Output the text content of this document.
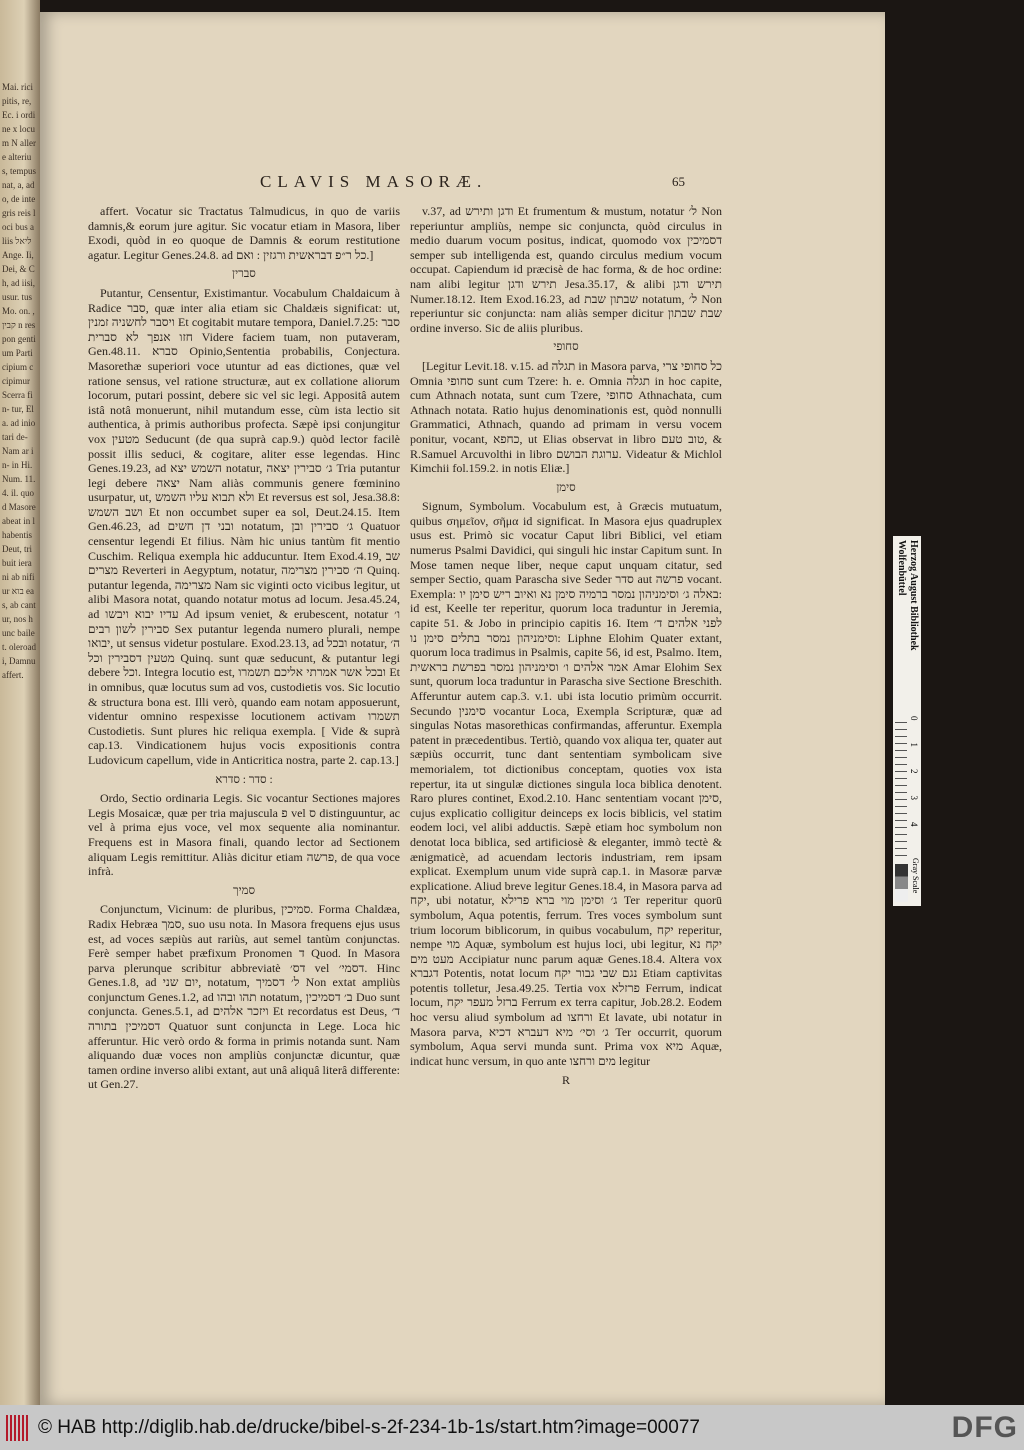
Mai. ricipitis, re, Ec. i ordine x locum N allere alterius, tempus nat, a, ad o, de integris reis loci bus aliis ליאל Ange. Ii, Dei, & Ch, ad iisi, usur. tus Mo. on. ,קבין n respon gentium Participium ccipimur Scerra fin- tur, Ela. ad iniotari de- Nam ar in- in Hi. Num. 11.4. il. quod Masore abeat in l habentis Deut, tribuit ierani ab nifi ur בוא eas, ab cantur, nos hunc bailet. oleroad i, Damnu affert.
CLAVIS MASORÆ.	65

affert. Vocatur sic Tractatus Talmudicus, in quo de variis damnis,& eorum jure agitur. Sic vocatur etiam in Masora, liber Exodi, quòd in eo quoque de Damnis & eorum restitutione agatur. Legitur Genes.24.8. ad כל ר״פ דבראשית ורגזין : ואם.]

סברין

Putantur, Censentur, Existimantur. Vocabulum Chaldaicum à Radice סבר, quæ inter alia etiam sic Chaldæis significat: ut, ויסבר לחשניה זמנין Et cogitabit mutare tempora, Daniel.7.25: סבר חזו אנפך לא סברית Videre faciem tuam, non putaveram, Gen.48.11. סברא Opinio,Sententia probabilis, Conjectura. Masorethæ superiori voce utuntur ad eas dictiones, quæ vel ratione sensus, vel ratione structuræ, aut ex collatione aliorum locorum, putari possint, debere sic vel sic legi. Appositâ autem istâ notâ monuerunt, nihil mutandum esse, cùm ista lectio sit authentica, à primis authoribus profecta. Sæpè ipsi conjungitur vox מטעין Seducunt (de qua suprà cap.9.) quòd lector facilè possit illis seduci, & cogitare, aliter esse legendas. Hinc Genes.19.23, ad השמש יצא notatur, ג׳ סבירין יצאה Tria putantur legi debere יצאה Nam aliàs communis genere fœminino usurpatur, ut, ולא תבוא עליו השמש Et reversus est sol, Jesa.38.8: ושב השמש Et non occumbet super ea sol, Deut.24.15. Item Gen.46.23, ad ובני דן חשים notatum, ג׳ סבירין ובן Quatuor censentur legendi Et filius. Nàm hic unius tantùm fit mentio Cuschim. Reliqua exempla hic adducuntur. Item Exod.4.19, שב מצרים Reverteri in Aegyptum, notatur, ה׳ סבירין מצרימה Quinq. putantur legenda, מצרימה Nam sic viginti octo vicibus legitur, ut alibi Masora notat, quando notatur motus ad locum. Jesa.45.24, ad עדיו יבוא ויבשו Ad ipsum veniet, & erubescent, notatur ו׳ סבירין לשון רבים Sex putantur legenda numero plurali, nempe יבואו, ut sensus videtur postulare. Exod.23.13, ad ובכל notatur, ה׳ מטעין דסבירין וכל Quinq. sunt quæ seducunt, & putantur legi debere וכל. Integra locutio est, ובכל אשר אמרתי אליכם תשמרו Et in omnibus, quæ locutus sum ad vos, custodietis vos. Sic locutio & structura bona est. Illi verò, quando eam notam apposuerunt, videntur omnino respexisse locutionem activam תשמרו Custodietis. Sunt plures hic reliqua exempla. [ Vide & suprà cap.13. Vindicationem hujus vocis expositionis contra Ludovicum capellum, vide in Anticritica nostra, parte 2. cap.13.]

סדר : סדרא :

Ordo, Sectio ordinaria Legis. Sic vocantur Sectiones majores Legis Mosaicæ, quæ per tria majuscula פ vel ס distinguuntur, ac vel à prima ejus voce, vel mox sequente alia nominantur. Frequens est in Masora finali, quando lector ad Sectionem aliquam Legis remittitur. Aliàs dicitur etiam פרשה, de qua voce infrà.

סמיך

Conjunctum, Vicinum: de pluribus, סמיכין. Forma Chaldæa, Radix Hebræa סמך, suo usu nota. In Masora frequens ejus usus est, ad voces sæpiùs aut rariùs, aut semel tantùm conjunctas. Ferè semper habet præfixum Pronomen ד Quod. In Masora parva plerunque scribitur abbreviatè דס׳ vel דסמי׳. Hinc Genes.1.8, ad יום שני, notatum, ל׳ דסמיך Non extat ampliùs conjunctum Genes.1.2, ad תהו ובהו notatum, ב׳ דסמיכין Duo sunt conjuncta. Genes.5.1, ad ויזכר אלהים Et recordatus est Deus, ד׳ דסמיכין בתורה Quatuor sunt conjuncta in Lege. Loca hic afferuntur. Hic verò ordo & forma in primis notanda sunt. Nam aliquando duæ voces non ampliùs conjunctæ dicuntur, quæ tamen ordine inverso alibi extant, aut unâ aliquâ literâ differente: ut Gen.27.

v.37, ad ודגן ותירש Et frumentum & mustum, notatur ל׳ Non reperiuntur ampliùs, nempe sic conjuncta, quòd circulus in medio duarum vocum positus, indicat, quomodo vox דסמיכין semper sub intelligenda est, quando circulus medium vocum occupat. Capiendum id præcisè de hac forma, & de hoc ordine: nam alibi legitur תירש ודגן Jesa.35.17, & alibi תירש ודגן Numer.18.12. Item Exod.16.23, ad שבתון שבת notatum, ל׳ Non reperiuntur sic conjuncta: nam aliàs semper dicitur שבת שבתון ordine inverso. Sic de aliis pluribus.

סחופי

[Legitur Levit.18. v.15. ad תגלה in Masora parva, כל סחופי צרי Omnia סחופי sunt cum Tzere: h. e. Omnia תגלה in hoc capite, cum Athnach notata, sunt cum Tzere, סחופי Athnachata, cum Athnach notata. Ratio hujus denominationis est, quòd nonnulli Grammatici, Athnach, quando ad primam in versu vocem ponitur, vocant, כחפא, ut Elias observat in libro טוב טעם, & R.Samuel Arcuvolthi in libro ערוגת הבושם. Videatur & Michlol Kimchii fol.159.2. in notis Eliæ.]

סימן

Signum, Symbolum. Vocabulum est, à Græcis mutuatum, quibus σημεῖον, σῆμα id significat. In Masora ejus quadruplex usus est. Primò sic vocatur Caput libri Biblici, vel etiam numerus Psalmi Davidici, qui singuli hic instar Capitum sunt. In Mose tamen neque liber, neque caput unquam citatur, sed semper Sectio, quam Parascha sive Seder סדר aut פרשה vocant. Exempla: באלה ג׳ וסימניהון נמסר ברמיה סימן נא ואיוב ריש סימן יו: id est, Keelle ter reperitur, quorum loca traduntur in Jeremia, capite 51. & Jobo in principio capitis 16. Item לפני אלהים ד׳ וסימניהון נמסר בתלים סימן נו: Liphne Elohim Quater extant, quorum loca tradimus in Psalmis, capite 56, id est, Psalmo. Item, אמר אלהים ו׳ וסימניהון נמסר בפרשת בראשית Amar Elohim Sex sunt, quorum loca traduntur in Parascha sive Sectione Breschith. Afferuntur autem cap.3. v.1. ubi ista locutio primùm occurrit. Secundo סימנין vocantur Loca, Exempla Scripturæ, quæ ad singulas Notas masorethicas confirmandas, afferuntur. Exempla patent in præcedentibus. Tertiò, quando vox aliqua ter, quater aut sæpiùs occurrit, tunc dant sententiam symbolicam sive memorialem, tot dictionibus conceptam, quoties vox ista repertur, ita ut singulæ dictiones singula loca biblica denotent. Raro plures continet, Exod.2.10. Hanc sententiam vocant סימן, cujus explicatio colligitur deinceps ex locis biblicis, vel statim eodem loci, vel alibi adductis. Sæpè etiam hoc symbolum non denotat loca biblica, sed artificiosè & eleganter, immò tectè & ænigmaticè, ad acuendam lectoris industriam, rem ipsam explicat. Exemplum unum vide suprà cap.1. in Masoræ parvæ explicatione. Aliud breve legitur Genes.18.4, in Masora parva ad יקח, ubi notatur, ג׳ וסימן מוי ברא פרילא Ter reperitur quorū symbolum, Aqua potentis, ferrum. Tres voces symbolum sunt trium locorum biblicorum, in quibus vocabulum, יקח reperitur, nempe מוי Aquæ, symbolum est hujus loci, ubi legitur, יקח נא מעט מים Accipiatur nunc parum aquæ Genes.18.4. Altera vox דגברא Potentis, notat locum נגם שבי גבור יקח Etiam captivitas potentis tolletur, Jesa.49.25. Tertia vox פרזלא Ferrum, indicat locum, ברזל מעפר יקח Ferrum ex terra capitur, Job.28.2. Eodem hoc versu aliud symbolum ad ורחצו Et lavate, ubi notatur in Masora parva, ג׳ וסי׳ מיא דעברא דכיא Ter occurrit, quorum symbolum, Aqua servi munda sunt. Prima vox מיא Aquæ, indicat hunc versum, in quo ante מים ורחצו legitur

R
Herzog August Bibliothek
Wolfenbüttel
01234
Gray Scale
© HAB http://diglib.hab.de/drucke/bibel-s-2f-234-1b-1s/start.htm?image=00077	DFG
